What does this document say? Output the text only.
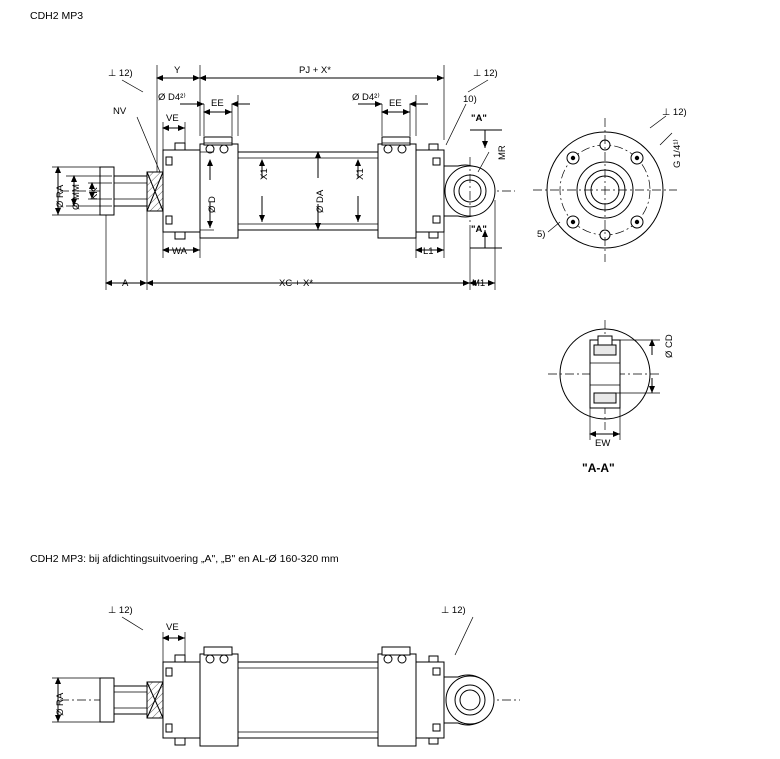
CDH2 MP3
CDH2 MP3: bij afdichtingsuitvoering „A", „B" en AL-Ø 160-320 mm
⊥ 12)	Y	PJ + X*	⊥ 12)
Ø D4²⁾
EE
Ø D4²⁾
EE	10)
NV
VE	"A"
"A"
MR
Ø RA Ø MM KK
Ø D
X1
Ø DA
X1
WA	L1
A	XC + X*	M1
⊥ 12)
G 1/4¹⁾
5)
Ø CD
EW
"A-A"
⊥ 12)	⊥ 12)
VE
Ø RA
